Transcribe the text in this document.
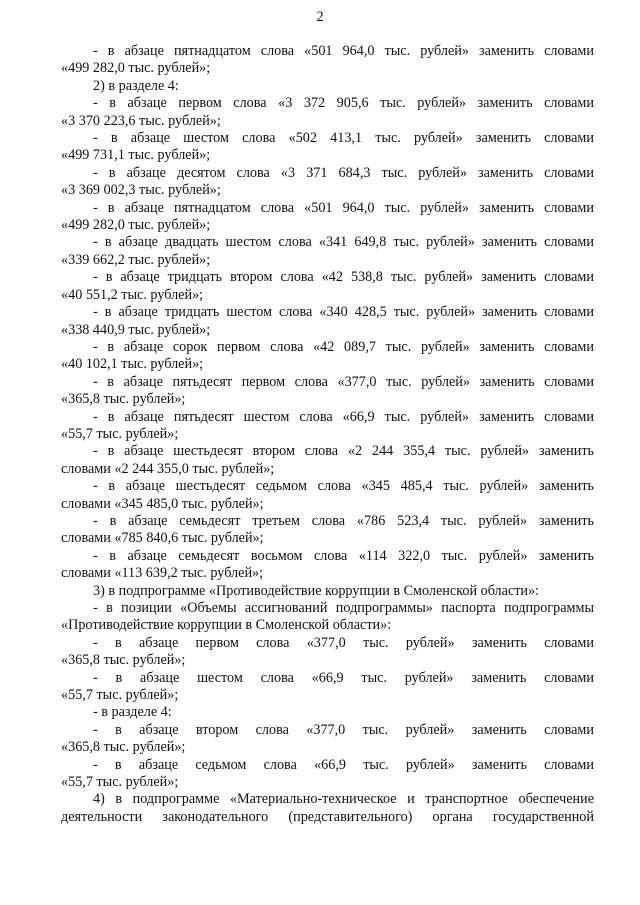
2
- в абзаце пятнадцатом слова «501 964,0 тыс. рублей» заменить словами
«499 282,0 тыс. рублей»;
2) в разделе 4:
- в абзаце первом слова «3 372 905,6 тыс. рублей» заменить словами
«3 370 223,6 тыс. рублей»;
- в абзаце шестом слова «502 413,1 тыс. рублей» заменить словами
«499 731,1 тыс. рублей»;
- в абзаце десятом слова «3 371 684,3 тыс. рублей» заменить словами
«3 369 002,3 тыс. рублей»;
- в абзаце пятнадцатом слова «501 964,0 тыс. рублей» заменить словами
«499 282,0 тыс. рублей»;
- в абзаце двадцать шестом слова «341 649,8 тыс. рублей» заменить словами
«339 662,2 тыс. рублей»;
- в абзаце тридцать втором слова «42 538,8 тыс. рублей» заменить словами
«40 551,2 тыс. рублей»;
- в абзаце тридцать шестом слова «340 428,5 тыс. рублей» заменить словами
«338 440,9 тыс. рублей»;
- в абзаце сорок первом слова «42 089,7 тыс. рублей» заменить словами
«40 102,1 тыс. рублей»;
- в абзаце пятьдесят первом слова «377,0 тыс. рублей» заменить словами
«365,8 тыс. рублей»;
- в абзаце пятьдесят шестом слова «66,9 тыс. рублей» заменить словами
«55,7 тыс. рублей»;
- в абзаце шестьдесят втором слова «2 244 355,4 тыс. рублей» заменить
словами «2 244 355,0 тыс. рублей»;
- в абзаце шестьдесят седьмом слова «345 485,4 тыс. рублей» заменить
словами «345 485,0 тыс. рублей»;
- в абзаце семьдесят третьем слова «786 523,4 тыс. рублей» заменить
словами «785 840,6 тыс. рублей»;
- в абзаце семьдесят восьмом слова «114 322,0 тыс. рублей» заменить
словами «113 639,2 тыс. рублей»;
3) в подпрограмме «Противодействие коррупции в Смоленской области»:
- в позиции «Объемы ассигнований подпрограммы» паспорта подпрограммы
«Противодействие коррупции в Смоленской области»:
- в абзаце первом слова «377,0 тыс. рублей» заменить словами
«365,8 тыс. рублей»;
- в абзаце шестом слова «66,9 тыс. рублей» заменить словами
«55,7 тыс. рублей»;
- в разделе 4:
- в абзаце втором слова «377,0 тыс. рублей» заменить словами
«365,8 тыс. рублей»;
- в абзаце седьмом слова «66,9 тыс. рублей» заменить словами
«55,7 тыс. рублей»;
4) в подпрограмме «Материально-техническое и транспортное обеспечение
деятельности законодательного (представительного) органа государственной
